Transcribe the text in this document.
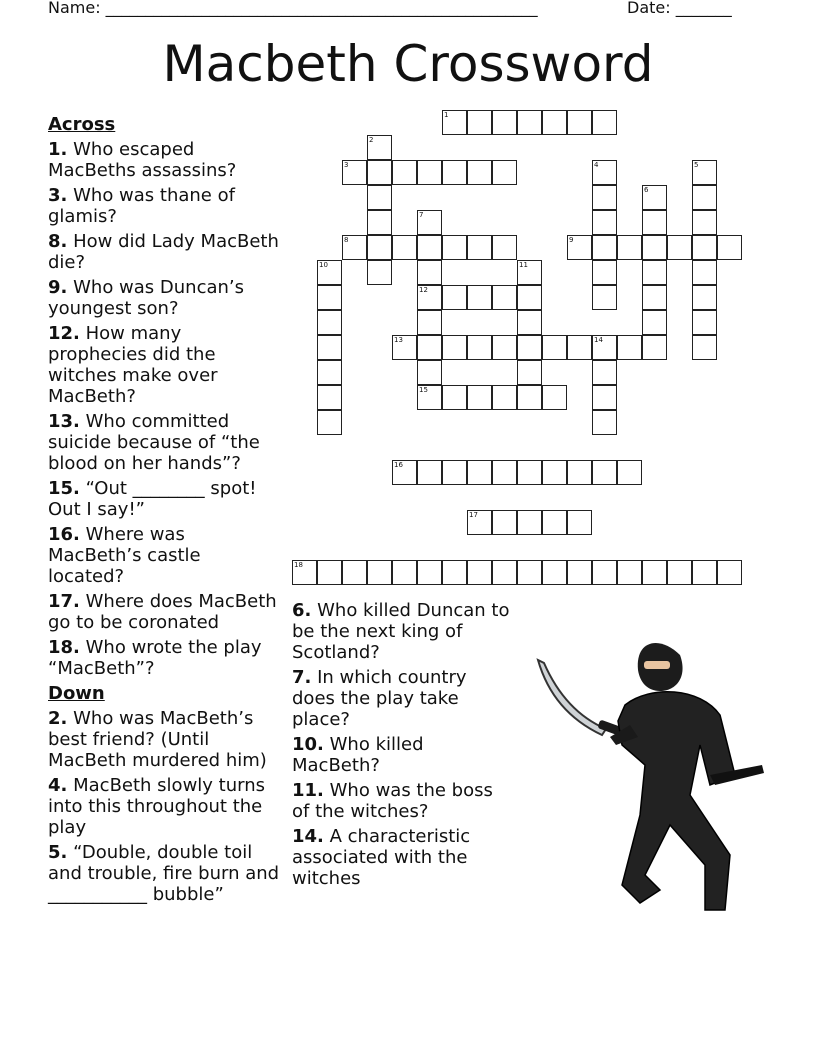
Name: ______________________________________________________	Date: _______
Macbeth Crossword
1
2
3	4	5
6
7
12
15
8	9
10	11
13	14
16
17
18
Across
1. Who escaped MacBeths assassins?
3. Who was thane of glamis?
8. How did Lady MacBeth die?
9. Who was Duncan’s youngest son?
12. How many prophecies did the witches make over MacBeth?
13. Who committed suicide because of “the blood on her hands”?
15. “Out ________ spot! Out I say!”
16. Where was MacBeth’s castle located?
17. Where does MacBeth go to be coronated
18. Who wrote the play “MacBeth”?
Down
2. Who was MacBeth’s best friend? (Until MacBeth murdered him)
4. MacBeth slowly turns into this throughout the play
5. “Double, double toil and trouble, fire burn and ___________ bubble”
6. Who killed Duncan to be the next king of Scotland?
7. In which country does the play take place?
10. Who killed MacBeth?
11. Who was the boss of the witches?
14. A characteristic associated with the witches
